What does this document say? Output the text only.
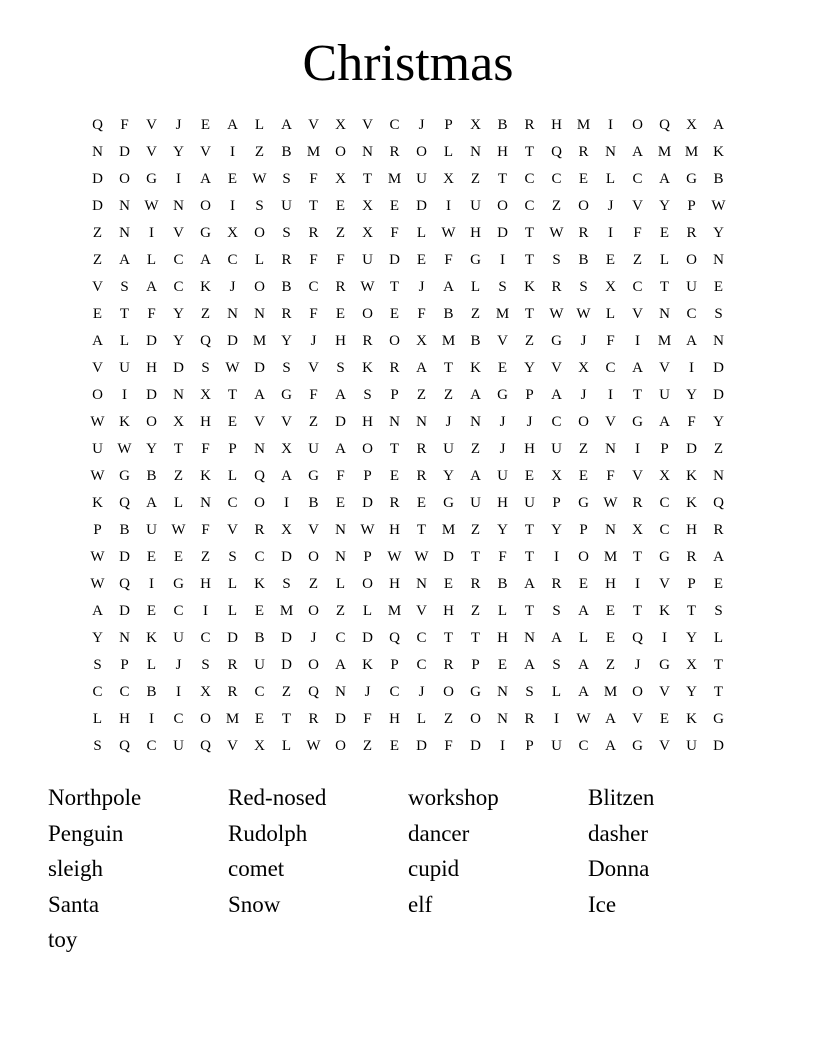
Christmas
Q	F	V	J	E	A	L	A	V	X	V	C	J	P	X	B	R	H M	I	O	Q	X	A
N	D	V	Y	V	I	Z	B	M O	N	R	O	L	N	H	T	Q	R	N	A M M K
D	O	G	I	A	E	W	S	F	X	T	M U	X	Z	T	C	C	E	L	C	A	G	B
D	N W N	O	I	S	U	T	E	X	E	D	I	U	O	C	Z	O	J	V	Y	P	W
Z	N	I	V	G	X	O	S	R	Z	X	F	L	W H	D	T	W R	I	F	E	R	Y
Z	A	L	C	A	C	L	R	F	F	U	D	E	F	G	I	T	S	B	E	Z	L	O	N
V	S	A	C	K	J	O	B	C	R W	T	J	A	L	S	K	R	S	X	C	T	U	E
E	T	F	Y	Z	N	N	R	F	E	O	E	F	B	Z	M	T	W W	L	V	N	C	S
A	L	D	Y	Q	D M Y	J	H	R	O	X M	B	V	Z	G	J	F	I	M A	N
V	U	H	D	S	W D	S	V	S	K	R	A	T	K	E	Y	V	X	C	A	V	I	D
O	I	D	N	X	T	A	G	F	A	S	P	Z	Z	A	G	P	A	J	I	T	U	Y	D
W K	O	X	H	E	V	V	Z	D	H	N	N	J	N	J	J	C	O	V	G	A	F	Y
U W Y	T	F	P	N	X	U	A	O	T	R	U	Z	J	H	U	Z	N	I	P	D	Z
W G	B	Z	K	L	Q	A	G	F	P	E	R	Y	A	U	E	X	E	F	V	X	K	N
K	Q	A	L	N	C	O	I	B	E	D	R	E	G	U	H	U	P	G W R	C	K	Q
P	B	U W	F	V	R	X	V	N W H	T	M	Z	Y	T	Y	P	N	X	C	H	R
W D	E	E	Z	S	C	D	O	N	P	W W D	T	F	T	I	O M	T	G	R	A
W Q	I	G	H	L	K	S	Z	L	O	H	N	E	R	B	A	R	E	H	I	V	P	E
A	D	E	C	I	L	E	M O	Z	L	M V	H	Z	L	T	S	A	E	T	K	T	S
Y	N	K	U	C	D	B	D	J	C	D	Q	C	T	T	H	N	A	L	E	Q	I	Y	L
S	P	L	J	S	R	U	D	O	A	K	P	C	R	P	E	A	S	A	Z	J	G	X	T
C	C	B	I	X	R	C	Z	Q	N	J	C	J	O	G	N	S	L	A M O	V	Y	T
L	H	I	C	O M	E	T	R	D	F	H	L	Z	O	N	R	I	W A	V	E	K	G
S	Q	C	U	Q	V	X	L	W O	Z	E	D	F	D	I	P	U	C	A	G	V	U	D
Northpole	Red-nosed	workshop	Blitzen
Penguin	Rudolph	dancer	dasher
sleigh	comet	cupid	Donna
Santa	Snow	elf	Ice
toy
